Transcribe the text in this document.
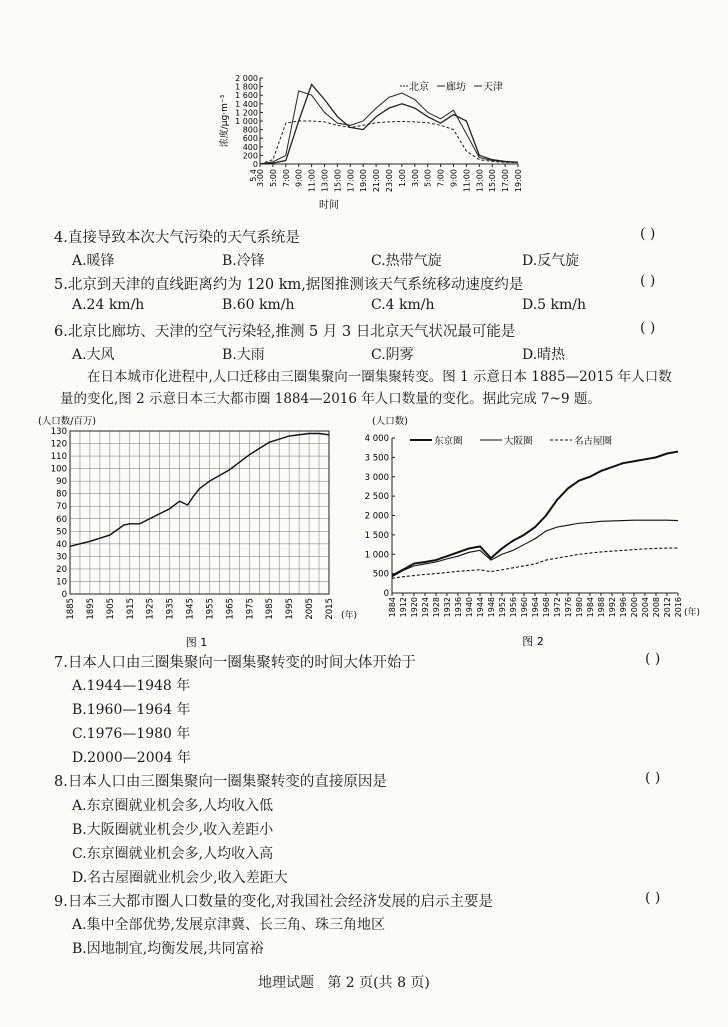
0
200
400
600
800
1 000
1 200
1 400
1 600
1 800
2 000
3:00 5:00 7:00 9:00 11:00 13:00 15:00 17:00 19:00 21:00 23:00 1:00 3:00 5:00 7:00 9:00 11:00 13:00 15:00 17:00 19:00
5.4
浓度/μg·m⁻³
时间
北京 廊坊 天津
4.直接导致本次大气污染的天气系统是	( )
A.暖锋	B.冷锋	C.热带气旋	D.反气旋
5.北京到天津的直线距离约为 120 km,据图推测该天气系统移动速度约是	( )
A.24 km/h	B.60 km/h	C.4 km/h	D.5 km/h
6.北京比廊坊、天津的空气污染轻,推测 5 月 3 日北京天气状况最可能是	( )
A.大风	B.大雨	C.阴雾	D.晴热
在日本城市化进程中,人口迁移由三圈集聚向一圈集聚转变。图 1 示意日本 1885—2015 年人口数量的变化,图 2 示意日本三大都市圈 1884—2016 年人口数量的变化。据此完成 7~9 题。
0
10
20
30
40
50
60
70
80
90
100
110
120
130
1885 1895 1905 1915 1925 1935 1945 1955 1965 1975 1985 1995 2005 2015
(人口数/百万)
(年)
图 1
0
500
1 000
1 500
2 000
2 500
3 000
3 500
4 000
1884 1912 1920 1924 1928 1932 1936 1940 1944 1948 1952 1956 1960 1964 1968 1972 1976 1980 1984 1988 1992 1996 2000 2004 2008 2012 2016
(人口数)
(年)
图 2
东京圈	大阪圈	名古屋圈
7.日本人口由三圈集聚向一圈集聚转变的时间大体开始于	( )
A.1944—1948 年
B.1960—1964 年
C.1976—1980 年
D.2000—2004 年
8.日本人口由三圈集聚向一圈集聚转变的直接原因是	( )
A.东京圈就业机会多,人均收入低
B.大阪圈就业机会少,收入差距小
C.东京圈就业机会多,人均收入高
D.名古屋圈就业机会少,收入差距大
9.日本三大都市圈人口数量的变化,对我国社会经济发展的启示主要是	( )
A.集中全部优势,发展京津冀、长三角、珠三角地区
B.因地制宜,均衡发展,共同富裕
地理试题   第 2 页(共 8 页)
